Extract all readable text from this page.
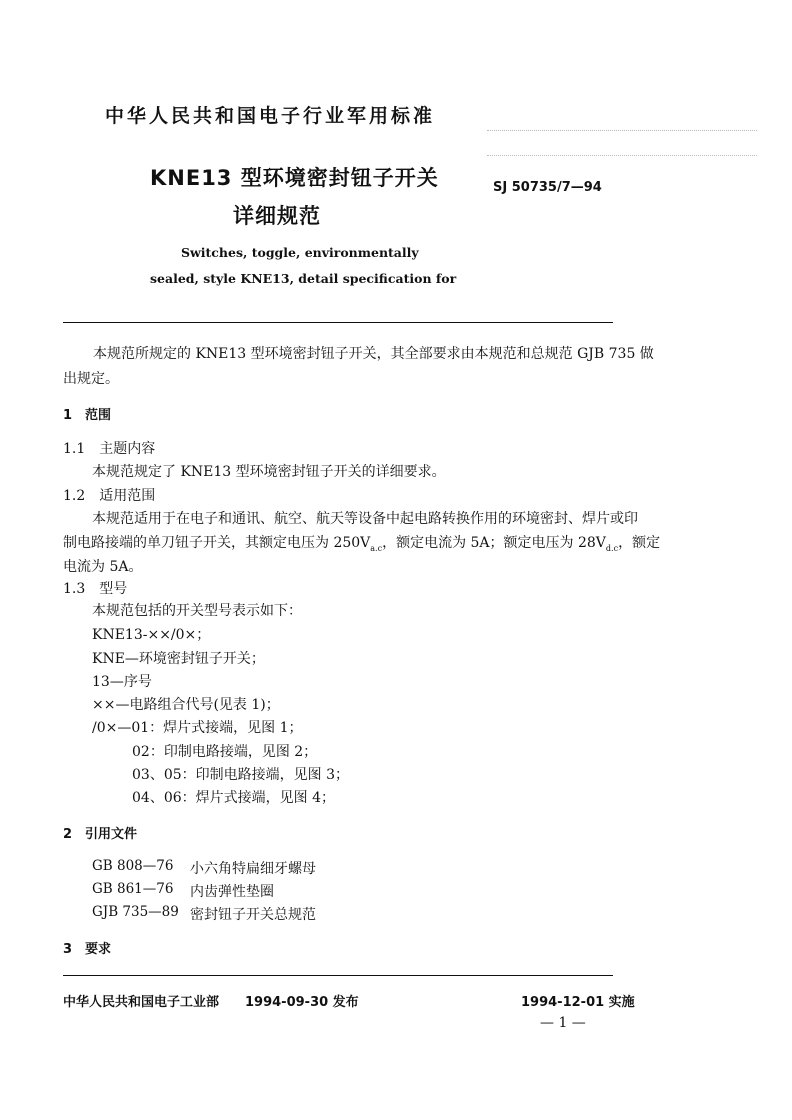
中华人民共和国电子行业军用标准
KNE13 型环境密封钮子开关
详细规范
SJ 50735/7—94
Switches, toggle, environmentally
sealed, style KNE13, detail specification for
本规范所规定的 KNE13 型环境密封钮子开关，其全部要求由本规范和总规范 GJB 735 做
出规定。
1　范围
1.1　主题内容
本规范规定了 KNE13 型环境密封钮子开关的详细要求。
1.2　适用范围
本规范适用于在电子和通讯、航空、航天等设备中起电路转换作用的环境密封、焊片或印
制电路接端的单刀钮子开关，其额定电压为 $250V_{a.c}$，额定电流为 5A；额定电压为 $28V_{d.c}$，额定
电流为 5A。
1.3　型号
本规范包括的开关型号表示如下：
KNE13-××/0×；
KNE—环境密封钮子开关；
13—序号
××—电路组合代号(见表 1)；
/0×—01：焊片式接端，见图 1；
02：印制电路接端，见图 2；
03、05：印制电路接端，见图 3；
04、06：焊片式接端，见图 4；
2　引用文件
GB 808—76 小六角特扁细牙螺母
GB 861—76 内齿弹性垫圈
GJB 735—89 密封钮子开关总规范
3　要求
中华人民共和国电子工业部 1994-09-30 发布	1994-12-01 实施
— 1 —
